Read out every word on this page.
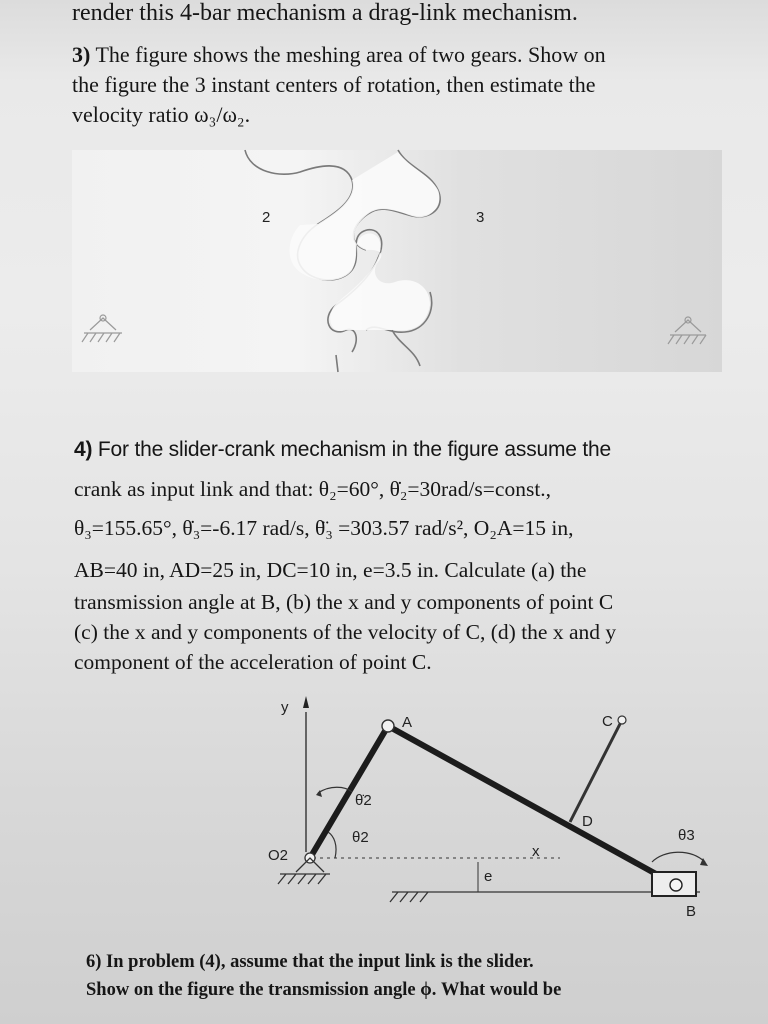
render this 4-bar mechanism a drag-link mechanism.
3) The figure shows the meshing area of two gears. Show on
the figure the 3 instant centers of rotation, then estimate the
velocity ratio ω₃/ω₂.
2	3
y
x
A	C
D
O2
θ̇2
θ2
e
B
θ3
4) For the slider-crank mechanism in the figure assume the
crank as input link and that: θ₂=60°, θ̇₂=30rad/s=const.,
θ₃=155.65°, θ̇₃=-6.17 rad/s, θ̈₃ =303.57 rad/s², O₂A=15 in,
AB=40 in, AD=25 in, DC=10 in, e=3.5 in. Calculate (a) the
transmission angle at B, (b) the x and y components of point C
(c) the x and y components of the velocity of C, (d) the x and y
component of the acceleration of point C.
6) In problem (4), assume that the input link is the slider.
Show on the figure the transmission angle ϕ. What would be
